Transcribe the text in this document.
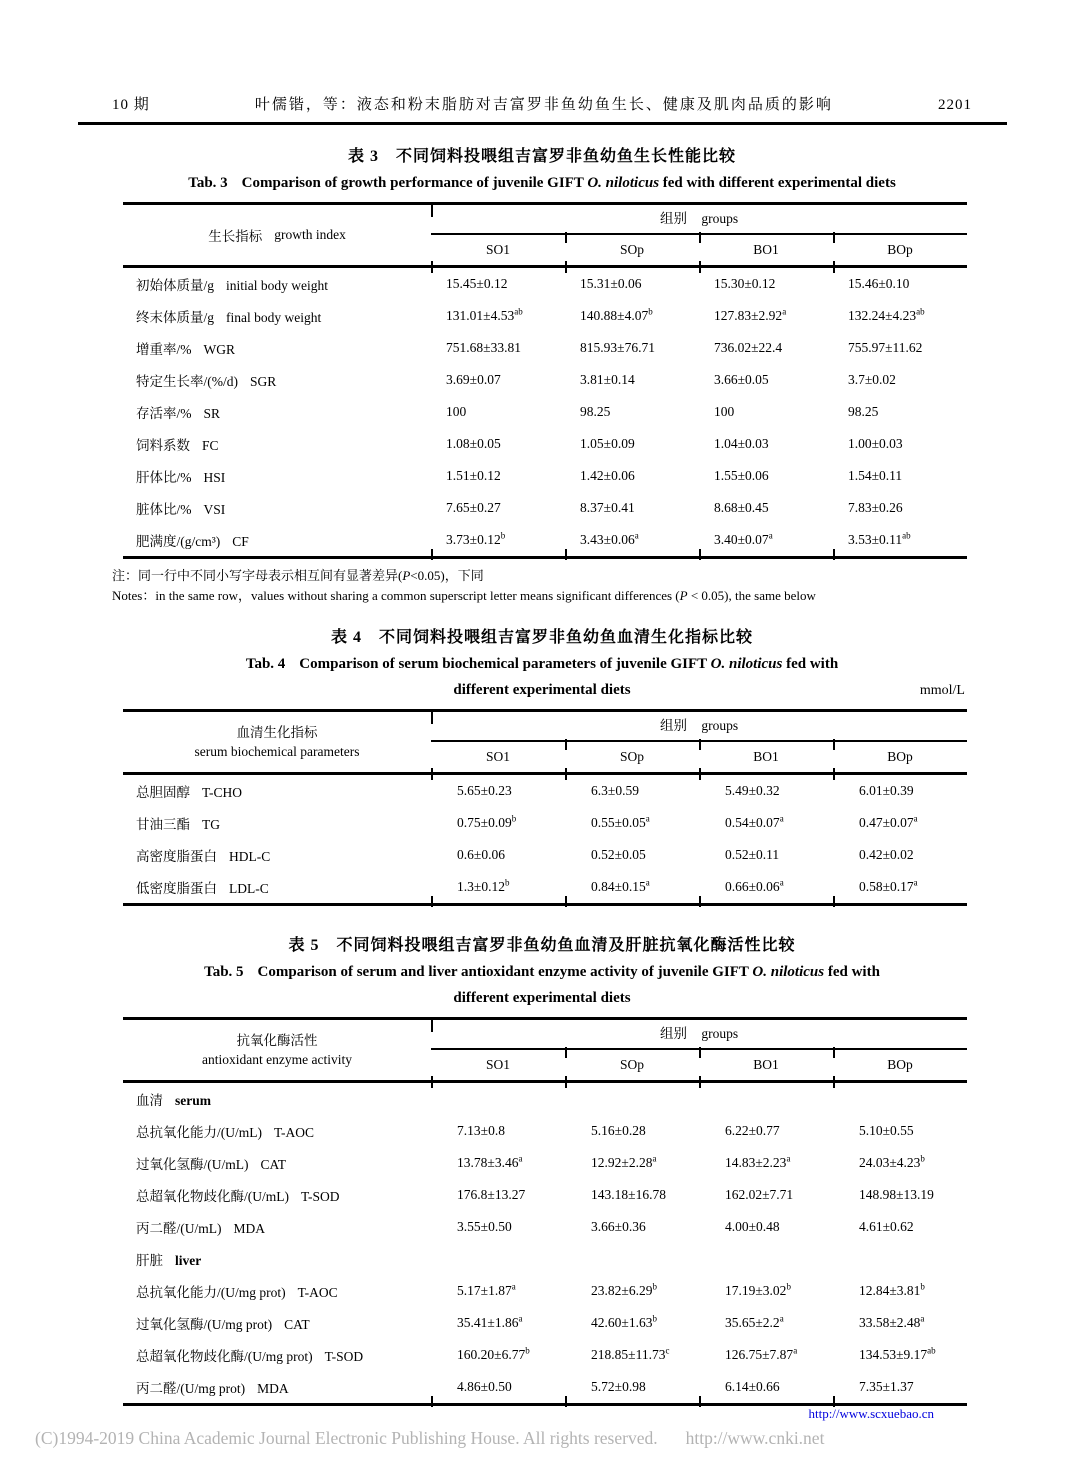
10 期	叶儒锴，等：液态和粉末脂肪对吉富罗非鱼幼鱼生长、健康及肌肉品质的影响	2201
表 3　不同饲料投喂组吉富罗非鱼幼鱼生长性能比较
Tab. 3 Comparison of growth performance of juvenile GIFT O. niloticus fed with different experimental diets
生长指标 growth index
组别 groups
SO1	SOp	BO1	BOp
初始体质量/g initial body weight	15.45±0.12	15.31±0.06	15.30±0.12	15.46±0.10
终末体质量/g final body weight	131.01±4.53$^{ab}$	140.88±4.07$^b$	127.83±2.92$^a$	132.24±4.23$^{ab}$
增重率/% WGR	751.68±33.81	815.93±76.71	736.02±22.4	755.97±11.62
特定生长率/(%/d) SGR	3.69±0.07	3.81±0.14	3.66±0.05	3.7±0.02
存活率/% SR	100	98.25	100	98.25
饲料系数 FC	1.08±0.05	1.05±0.09	1.04±0.03	1.00±0.03
肝体比/% HSI	1.51±0.12	1.42±0.06	1.55±0.06	1.54±0.11
脏体比/% VSI	7.65±0.27	8.37±0.41	8.68±0.45	7.83±0.26
肥满度/(g/cm³) CF	3.73±0.12$^b$	3.43±0.06$^a$	3.40±0.07$^a$	3.53±0.11$^{ab}$
注：同一行中不同小写字母表示相互间有显著差异(P<0.05)，下同
Notes：in the same row，values without sharing a common superscript letter means significant differences (P < 0.05), the same below
表 4　不同饲料投喂组吉富罗非鱼幼鱼血清生化指标比较
Tab. 4 Comparison of serum biochemical parameters of juvenile GIFT O. niloticus fed with
different experimental diets	mmol/L
血清生化指标
serum biochemical parameters
组别 groups
SO1	SOp	BO1	BOp
总胆固醇 T-CHO	5.65±0.23	6.3±0.59	5.49±0.32	6.01±0.39
甘油三酯 TG	0.75±0.09$^b$	0.55±0.05$^a$	0.54±0.07$^a$	0.47±0.07$^a$
高密度脂蛋白 HDL-C	0.6±0.06	0.52±0.05	0.52±0.11	0.42±0.02
低密度脂蛋白 LDL-C	1.3±0.12$^b$	0.84±0.15$^a$	0.66±0.06$^a$	0.58±0.17$^a$
表 5　不同饲料投喂组吉富罗非鱼幼鱼血清及肝脏抗氧化酶活性比较
Tab. 5 Comparison of serum and liver antioxidant enzyme activity of juvenile GIFT O. niloticus fed with
different experimental diets
抗氧化酶活性
antioxidant enzyme activity
组别 groups
SO1	SOp	BO1	BOp
血清 serum
总抗氧化能力/(U/mL) T-AOC	7.13±0.8	5.16±0.28	6.22±0.77	5.10±0.55
过氧化氢酶/(U/mL) CAT	13.78±3.46$^a$	12.92±2.28$^a$	14.83±2.23$^a$	24.03±4.23$^b$
总超氧化物歧化酶/(U/mL) T-SOD	176.8±13.27	143.18±16.78	162.02±7.71	148.98±13.19
丙二醛/(U/mL) MDA	3.55±0.50	3.66±0.36	4.00±0.48	4.61±0.62
肝脏 liver
总抗氧化能力/(U/mg prot) T-AOC	5.17±1.87$^a$	23.82±6.29$^b$	17.19±3.02$^b$	12.84±3.81$^b$
过氧化氢酶/(U/mg prot) CAT	35.41±1.86$^a$	42.60±1.63$^b$	35.65±2.2$^a$	33.58±2.48$^a$
总超氧化物歧化酶/(U/mg prot) T-SOD	160.20±6.77$^b$	218.85±11.73$^c$	126.75±7.87$^a$	134.53±9.17$^{ab}$
丙二醛/(U/mg prot) MDA	4.86±0.50	5.72±0.98	6.14±0.66	7.35±1.37
http://www.scxuebao.cn
(C)1994-2019 China Academic Journal Electronic Publishing House. All rights reserved. http://www.cnki.net
